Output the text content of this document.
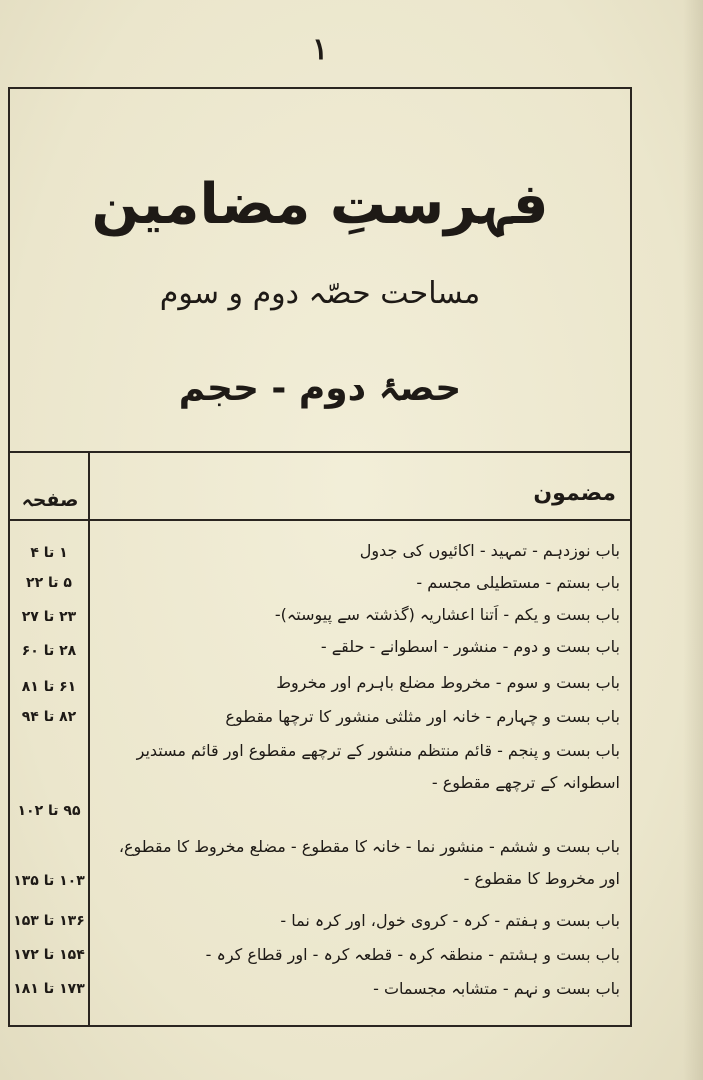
۱
فہرستِ مضامین
مساحت حصّہ دوم و سوم
حصۂ دوم - حجم
صفحہ	مضمون
باب نوزدہم - تمہید - اکائیوں کی جدول
۱ تا ۴
باب بستم - مستطیلی مجسم -
۵ تا ۲۲
باب بست و یکم - اَتنا اعشاریہ (گذشتہ سے پیوستہ)-
۲۳ تا ۲۷
باب بست و دوم - منشور - اسطوانے - حلقے -
۲۸ تا ۶۰
باب بست و سوم - مخروط مضلع باہرم اور مخروط
۶۱ تا ۸۱
باب بست و چہارم - خانہ اور مثلثی منشور کا ترچھا مقطوع
۸۲ تا ۹۴
باب بست و پنجم - قائم منتظم منشور کے ترچھے مقطوع اور قائم مستدیر اسطوانہ کے ترچھے مقطوع -
۹۵ تا ۱۰۲
باب بست و ششم - منشور نما - خانہ کا مقطوع - مضلع مخروط کا مقطوع، اور مخروط کا مقطوع -
۱۰۳ تا ۱۳۵
باب بست و ہفتم - کرہ - کروی خول، اور کرہ نما -
۱۳۶ تا ۱۵۳
باب بست و ہشتم - منطقہ کرہ - قطعہ کرہ - اور قطاع کرہ -
۱۵۴ تا ۱۷۲
باب بست و نہم - متشابہ مجسمات -
۱۷۳ تا ۱۸۱
